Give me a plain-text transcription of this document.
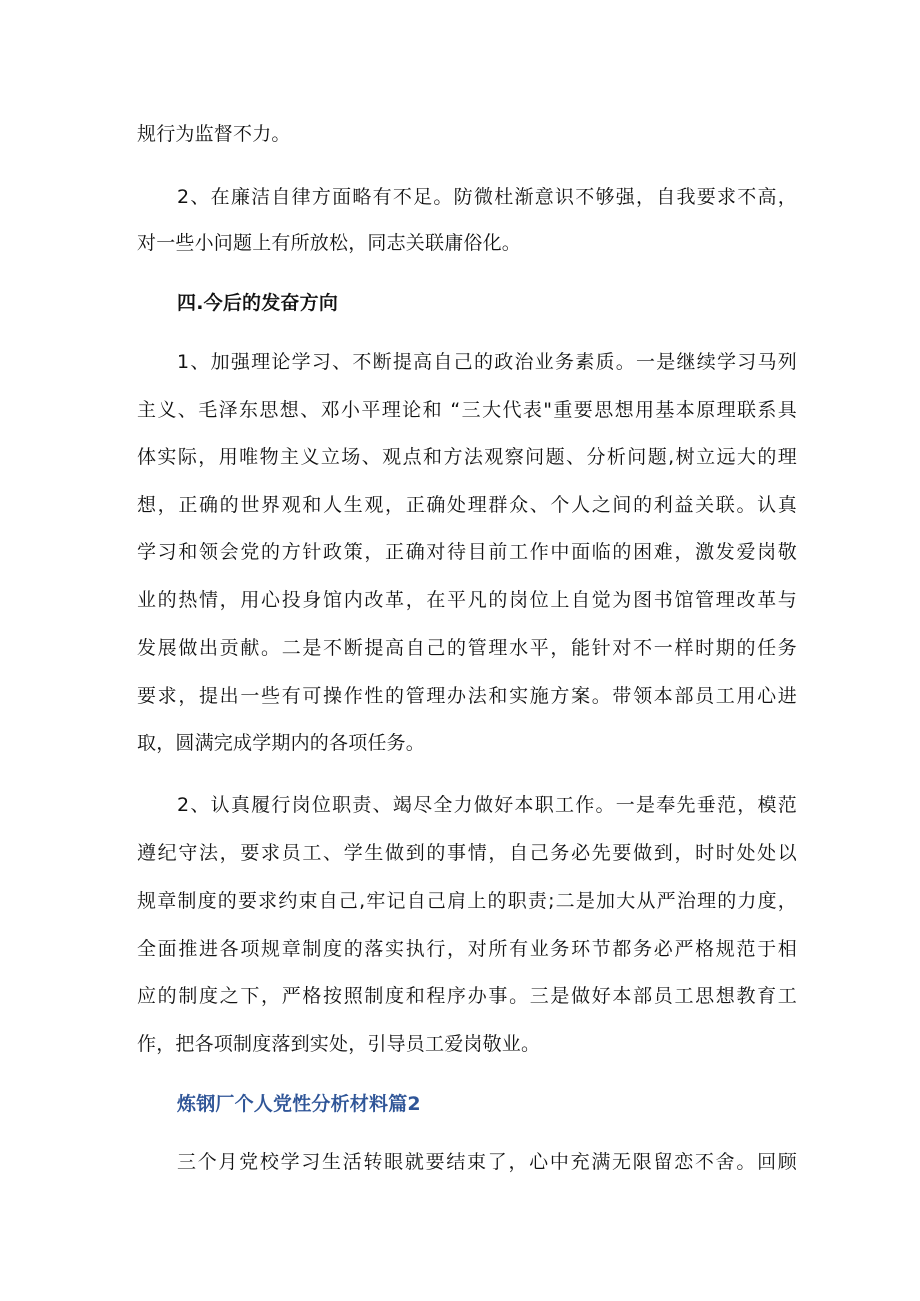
规行为监督不力。
2、在廉洁自律方面略有不足。防微杜渐意识不够强，自我要求不高，
对一些小问题上有所放松，同志关联庸俗化。
四.今后的发奋方向
1、加强理论学习、不断提高自己的政治业务素质。一是继续学习马列
主义、毛泽东思想、邓小平理论和 “三大代表"重要思想用基本原理联系具
体实际，用唯物主义立场、观点和方法观察问题、分析问题,树立远大的理
想，正确的世界观和人生观，正确处理群众、个人之间的利益关联。认真
学习和领会党的方针政策，正确对待目前工作中面临的困难，激发爱岗敬
业的热情，用心投身馆内改革，在平凡的岗位上自觉为图书馆管理改革与
发展做出贡献。二是不断提高自己的管理水平，能针对不一样时期的任务
要求，提出一些有可操作性的管理办法和实施方案。带领本部员工用心进
取，圆满完成学期内的各项任务。
2、认真履行岗位职责、竭尽全力做好本职工作。一是奉先垂范，模范
遵纪守法，要求员工、学生做到的事情，自己务必先要做到，时时处处以
规章制度的要求约束自己,牢记自己肩上的职责;二是加大从严治理的力度，
全面推进各项规章制度的落实执行，对所有业务环节都务必严格规范于相
应的制度之下，严格按照制度和程序办事。三是做好本部员工思想教育工
作，把各项制度落到实处，引导员工爱岗敬业。
炼钢厂个人党性分析材料篇2
三个月党校学习生活转眼就要结束了，心中充满无限留恋不舍。回顾
